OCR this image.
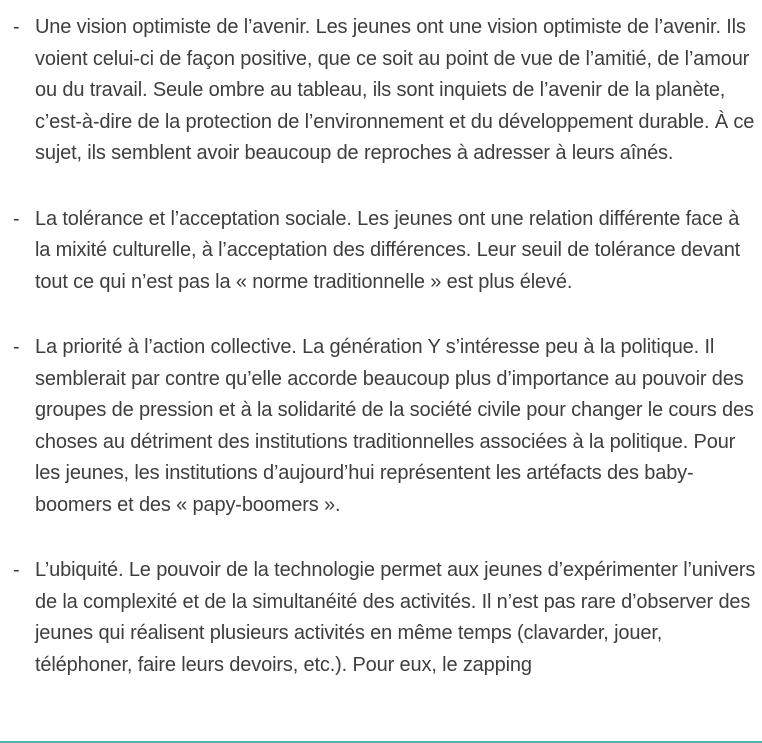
- Une vision optimiste de l’avenir. Les jeunes ont une vision optimiste de l’avenir. Ils voient celui-ci de façon positive, que ce soit au point de vue de l’amitié, de l’amour ou du travail. Seule ombre au tableau, ils sont inquiets de l’avenir de la planète, c’est-à-dire de la protection de l’environnement et du développement durable. À ce sujet, ils semblent avoir beaucoup de reproches à adresser à leurs aînés.
- La tolérance et l’acceptation sociale. Les jeunes ont une relation différente face à la mixité culturelle, à l’acceptation des différences. Leur seuil de tolérance devant tout ce qui n’est pas la « norme traditionnelle » est plus élevé.
- La priorité à l’action collective. La génération Y s’intéresse peu à la politique. Il semblerait par contre qu’elle accorde beaucoup plus d’importance au pouvoir des groupes de pression et à la solidarité de la société civile pour changer le cours des choses au détriment des institutions traditionnelles associées à la politique. Pour les jeunes, les institutions d’aujourd’hui représentent les artéfacts des baby-boomers et des « papy-boomers ».
- L’ubiquité. Le pouvoir de la technologie permet aux jeunes d’expérimenter l’univers de la complexité et de la simultanéité des activités. Il n’est pas rare d’observer des jeunes qui réalisent plusieurs activités en même temps (clavarder, jouer, téléphoner, faire leurs devoirs, etc.). Pour eux, le zapping
